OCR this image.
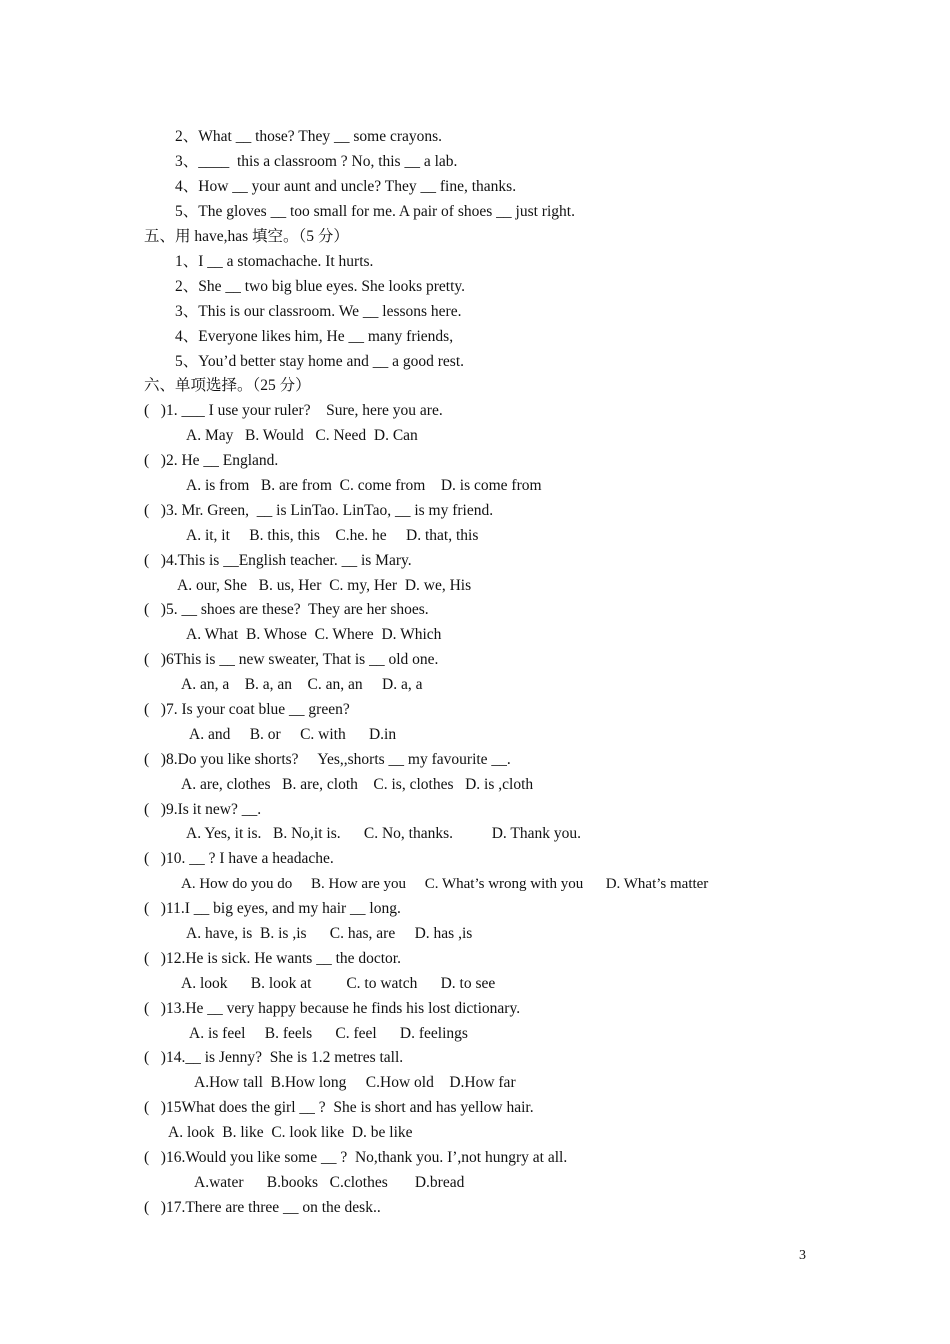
2、What __ those? They __ some crayons.
3、____  this a classroom ? No, this __ a lab.
4、How __ your aunt and uncle? They __ fine, thanks.
5、The gloves __ too small for me. A pair of shoes __ just right.
五、用 have,has 填空。（5 分）
1、I __ a stomachache. It hurts.
2、She __ two big blue eyes. She looks pretty.
3、This is our classroom. We __ lessons here.
4、Everyone likes him, He __ many friends,
5、You’d better stay home and __ a good rest.
六、单项选择。（25 分）
(   )1. ___ I use your ruler?    Sure, here you are.
A. May   B. Would   C. Need  D. Can
(   )2. He __ England.
A. is from   B. are from  C. come from    D. is come from
(   )3. Mr. Green,  __ is LinTao. LinTao, __ is my friend.
A. it, it     B. this, this    C.he. he     D. that, this
(   )4.This is __English teacher. __ is Mary.
A. our, She   B. us, Her  C. my, Her  D. we, His
(   )5. __ shoes are these?  They are her shoes.
A. What  B. Whose  C. Where  D. Which
(   )6This is __ new sweater, That is __ old one.
A. an, a    B. a, an    C. an, an     D. a, a
(   )7. Is your coat blue __ green?
A. and     B. or     C. with      D.in
(   )8.Do you like shorts?     Yes,,shorts __ my favourite __.
A. are, clothes   B. are, cloth    C. is, clothes   D. is ,cloth
(   )9.Is it new? __.
A. Yes, it is.   B. No,it is.      C. No, thanks.          D. Thank you.
(   )10. __ ? I have a headache.
A. How do you do     B. How are you     C. What’s wrong with you      D. What’s matter
(   )11.I __ big eyes, and my hair __ long.
A. have, is  B. is ,is      C. has, are     D. has ,is
(   )12.He is sick. He wants __ the doctor.
A. look      B. look at         C. to watch      D. to see
(   )13.He __ very happy because he finds his lost dictionary.
A. is feel     B. feels      C. feel      D. feelings
(   )14.__ is Jenny?  She is 1.2 metres tall.
A.How tall  B.How long     C.How old    D.How far
(   )15What does the girl __ ?  She is short and has yellow hair.
A. look  B. like  C. look like  D. be like
(   )16.Would you like some __ ?  No,thank you. I’,not hungry at all.
A.water      B.books   C.clothes       D.bread
(   )17.There are three __ on the desk..
3
